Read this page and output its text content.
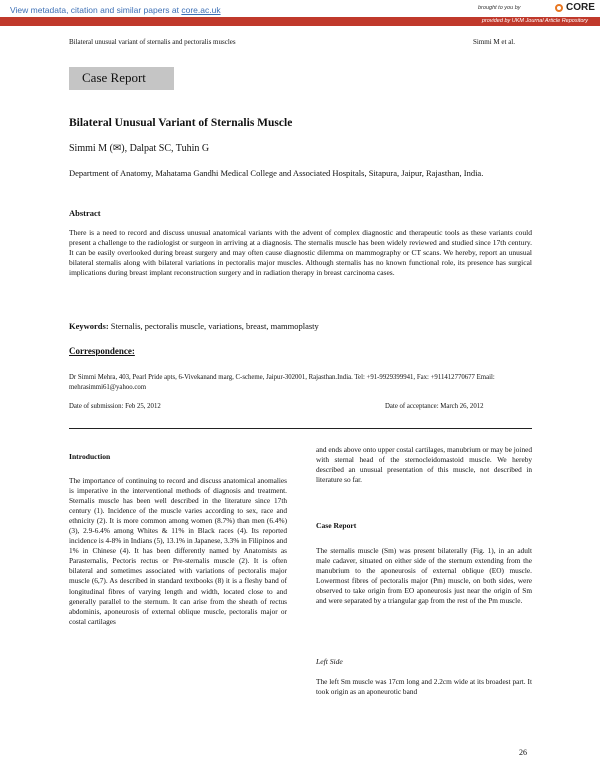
View metadata, citation and similar papers at core.ac.uk	brought to you by	CORE
provided by UKM Journal Article Repository
Bilateral unusual variant of sternalis and pectoralis muscles	Simmi M et al.
Case Report
Bilateral Unusual Variant of Sternalis Muscle
Simmi M (✉), Dalpat SC, Tuhin G
Department of Anatomy, Mahatama Gandhi Medical College and Associated Hospitals, Sitapura, Jaipur, Rajasthan, India.
Abstract
There is a need to record and discuss unusual anatomical variants with the advent of complex diagnostic and therapeutic tools as these variants could present a challenge to the radiologist or surgeon in arriving at a diagnosis. The sternalis muscle has been widely reviewed and studied since 17th century. It can be easily overlooked during breast surgery and may often cause diagnostic dilemma on mammography or CT scans. We hereby, report an unusual bilateral sternalis along with bilateral variations in pectoralis major muscles. Although sternalis has no known functional role, its presence has surgical implications during breast implant reconstruction surgery and in radiation therapy in breast carcinoma cases.
Keywords: Sternalis, pectoralis muscle, variations, breast, mammoplasty
Correspondence:
Dr Simmi Mehra, 403, Pearl Pride apts, 6-Vivekanand marg, C-scheme, Jaipur-302001, Rajasthan.India. Tel: +91-9929399941, Fax: +911412770677 Email: mehrasimmi61@yahoo.com
Date of submission: Feb 25, 2012	Date of acceptance: March 26, 2012
Introduction
The importance of continuing to record and discuss anatomical anomalies is imperative in the interventional methods of diagnosis and treatment. Sternalis muscle has been well described in the literature since 17th century (1). Incidence of the muscle varies according to sex, race and ethnicity (2). It is more common among women (8.7%) than men (6.4%) (3), 2.9-6.4% among Whites & 11% in Black races (4). Its reported incidence is 4-8% in Indians (5), 13.1% in Japanese, 3.3% in Filipinos and 1% in Chinese (4). It has been differently named by Anatomists as Parasternalis, Pectoris rectus or Pre-sternalis muscle (2). It is often bilateral and sometimes associated with variations of pectoralis major muscle (6,7). As described in standard textbooks (8) it is a fleshy band of longitudinal fibres of varying length and width, located close to and generally parallel to the sternum. It can arise from the sheath of rectus abdominis, aponeurosis of external oblique muscle, pectoralis major or costal cartilages
and ends above onto upper costal cartilages, manubrium or may be joined with sternal head of the sternocleidomastoid muscle. We hereby described an unusual presentation of this muscle, not described in literature so far.
Case Report
The sternalis muscle (Sm) was present bilaterally (Fig. 1), in an adult male cadaver, situated on either side of the sternum extending from the manubrium to the aponeurosis of external oblique (EO) muscle. Lowermost fibres of pectoralis major (Pm) muscle, on both sides, were observed to take origin from EO aponeurosis just near the origin of Sm and were separated by a triangular gap from the rest of the Pm muscle.
Left Side
The left Sm muscle was 17cm long and 2.2cm wide at its broadest part. It took origin as an aponeurotic band
26
